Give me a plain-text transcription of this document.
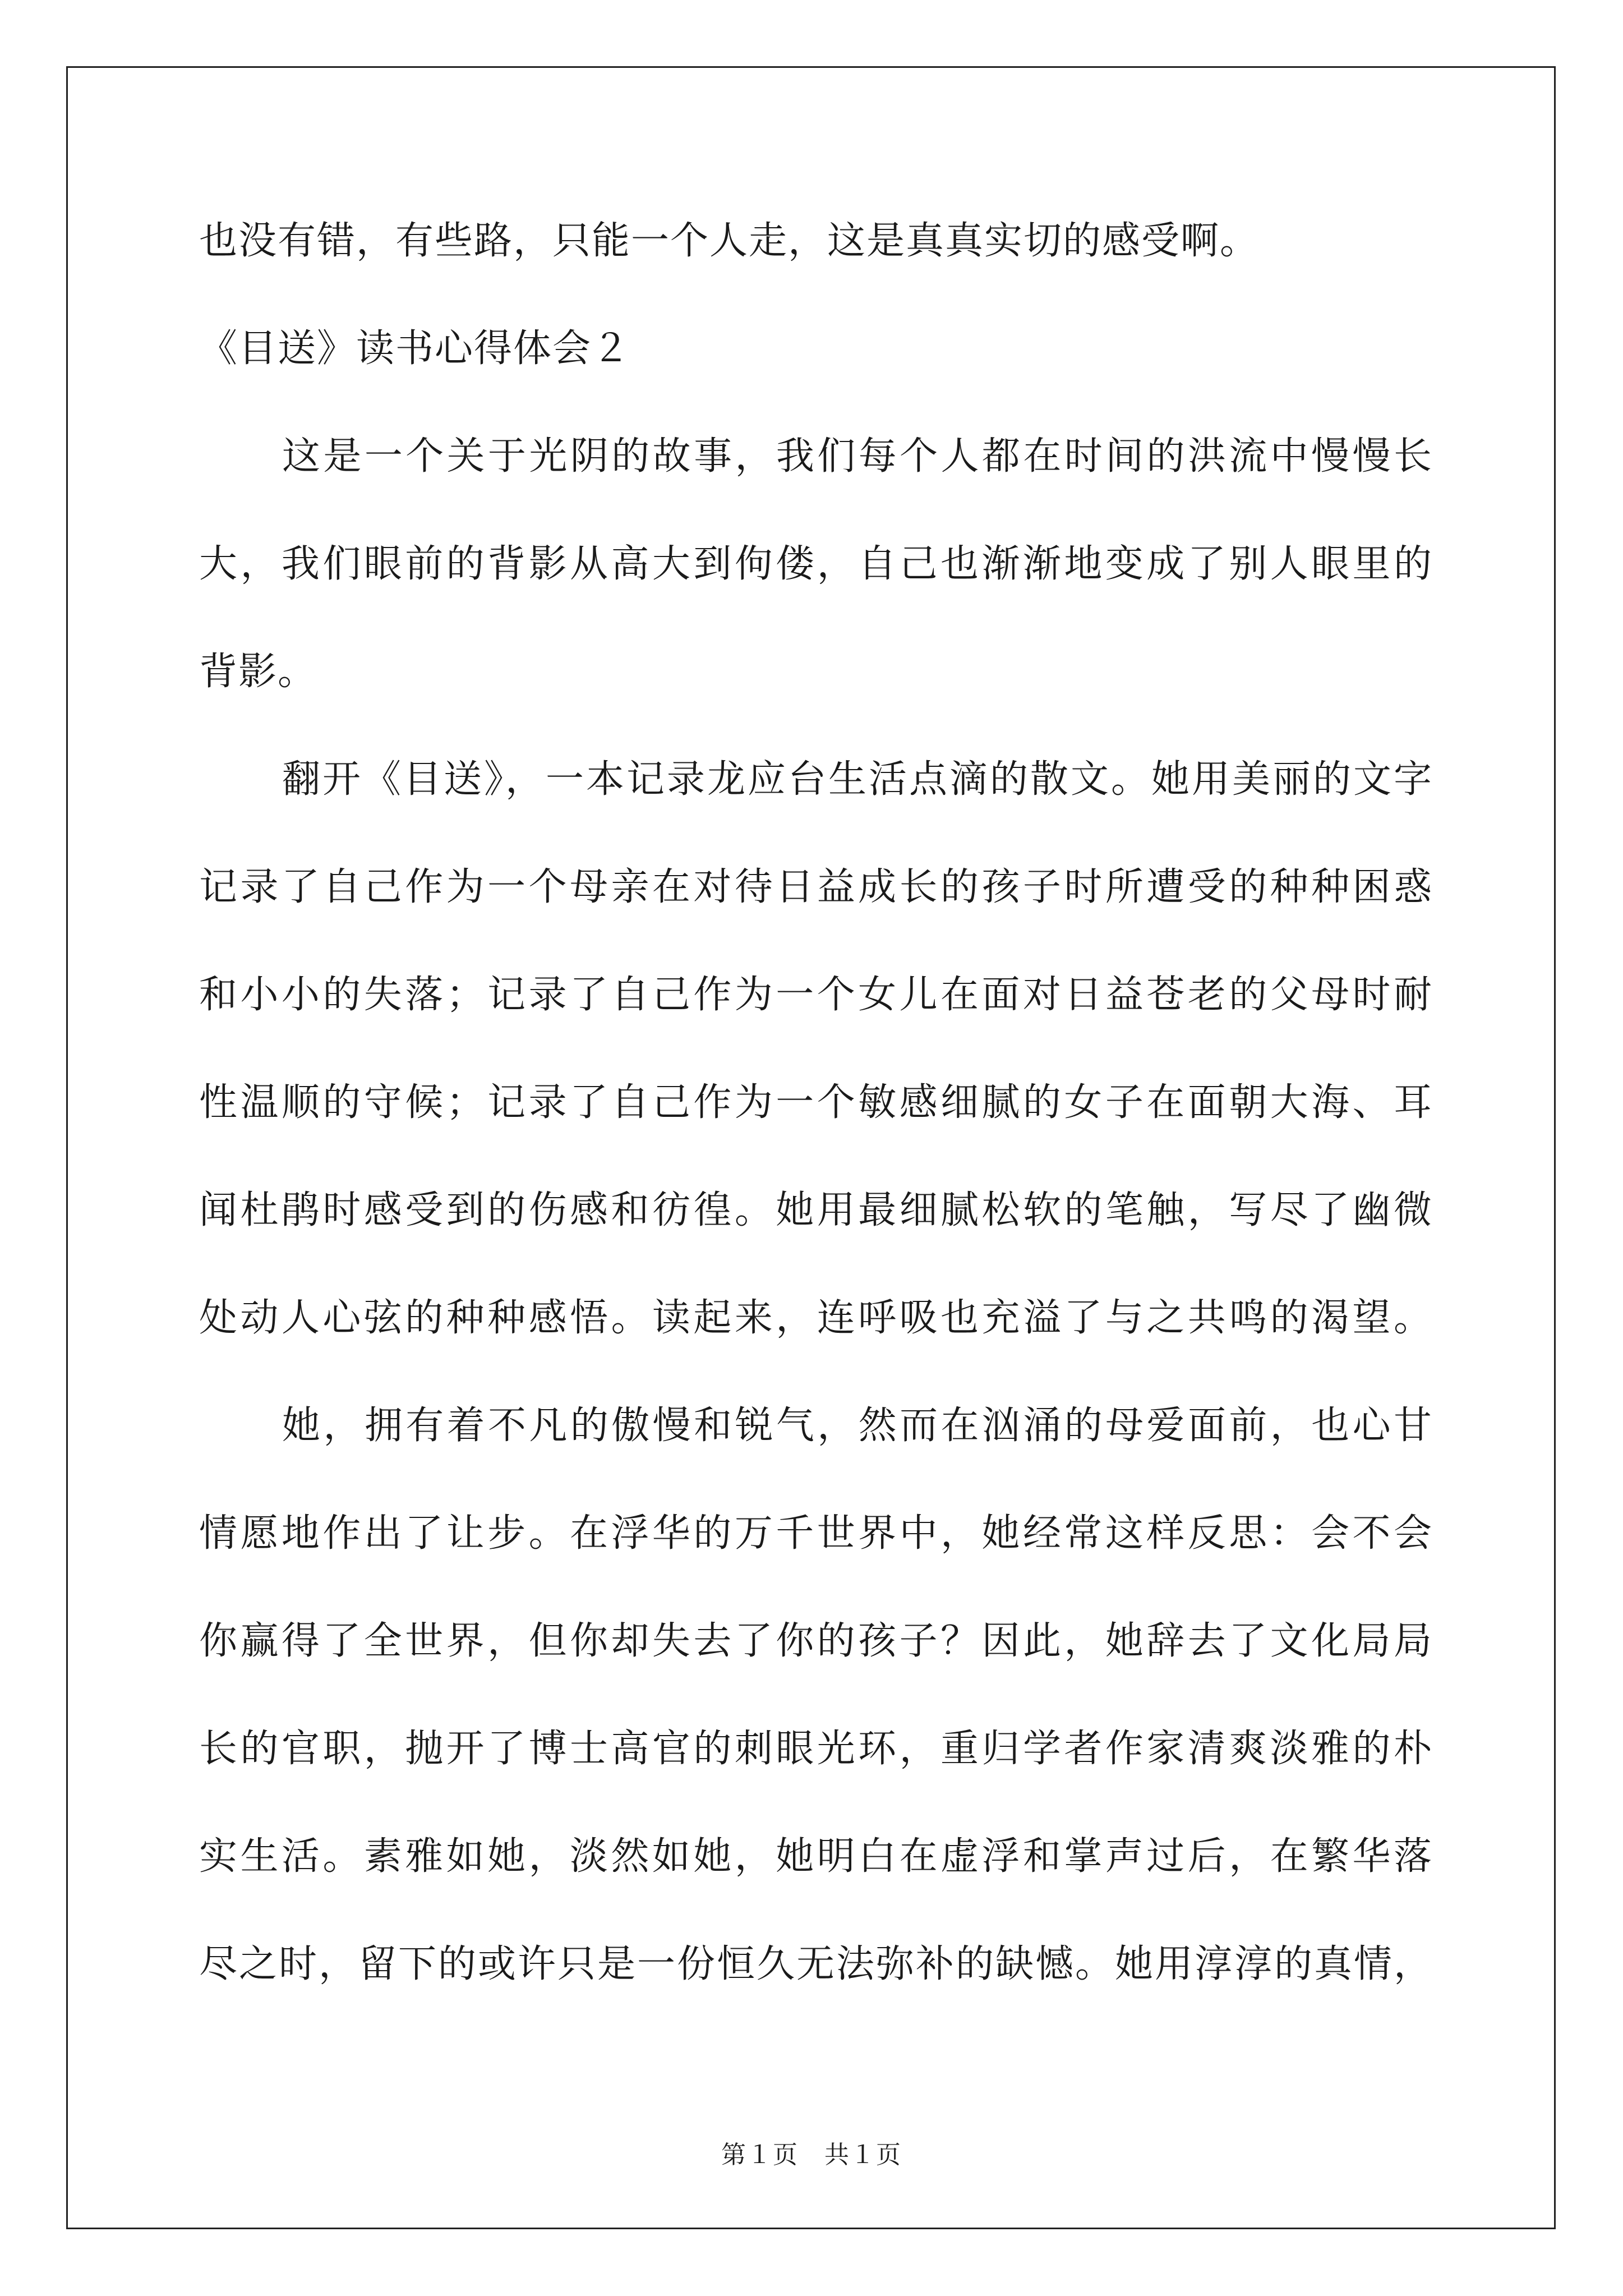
也没有错，有些路，只能一个人走，这是真真实切的感受啊。
《目送》读书心得体会２
这是一个关于光阴的故事，我们每个人都在时间的洪流中慢慢长
大，我们眼前的背影从高大到佝偻，自己也渐渐地变成了别人眼里的
背影。
翻开《目送》，一本记录龙应台生活点滴的散文。她用美丽的文字
记录了自己作为一个母亲在对待日益成长的孩子时所遭受的种种困惑
和小小的失落；记录了自己作为一个女儿在面对日益苍老的父母时耐
性温顺的守候；记录了自己作为一个敏感细腻的女子在面朝大海、耳
闻杜鹃时感受到的伤感和彷徨。她用最细腻松软的笔触，写尽了幽微
处动人心弦的种种感悟。读起来，连呼吸也充溢了与之共鸣的渴望。
她，拥有着不凡的傲慢和锐气，然而在汹涌的母爱面前，也心甘
情愿地作出了让步。在浮华的万千世界中，她经常这样反思：会不会
你赢得了全世界，但你却失去了你的孩子？因此，她辞去了文化局局
长的官职，抛开了博士高官的刺眼光环，重归学者作家清爽淡雅的朴
实生活。素雅如她，淡然如她，她明白在虚浮和掌声过后，在繁华落
尽之时，留下的或许只是一份恒久无法弥补的缺憾。她用淳淳的真情，
第１页　共１页
